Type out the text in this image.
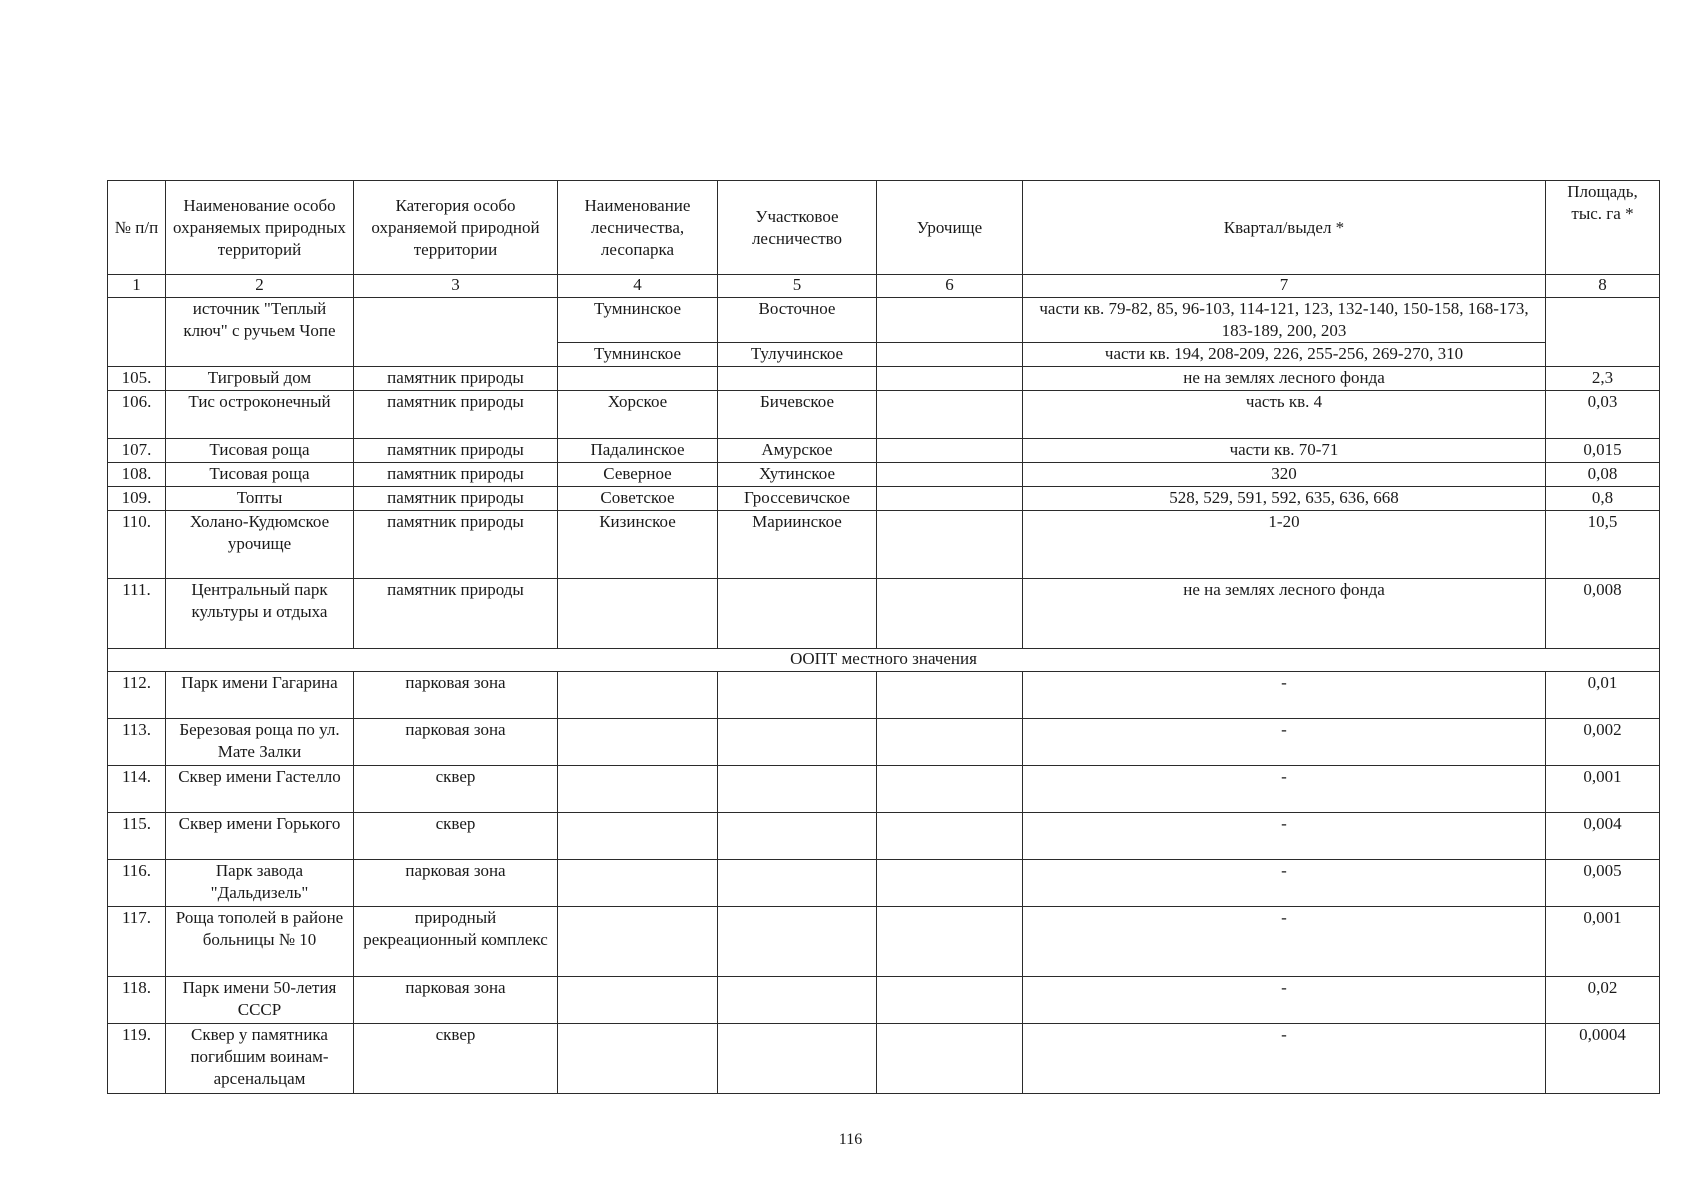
№ п/п	Наименование особо охраняемых природных территорий	Категория особо охраняемой природной территории	Наименование лесничества, лесопарка	Участковое лесничество	Урочище	Квартал/выдел *	Площадь, тыс. га *
1	2	3	4	5	6	7	8
	источник "Теплый ключ" с ручьем Чопе		Тумнинское	Восточное		части кв. 79-82, 85, 96-103, 114-121, 123, 132-140, 150-158, 168-173, 183-189, 200, 203	
			Тумнинское	Тулучинское		части кв. 194, 208-209, 226, 255-256, 269-270, 310	
105.	Тигровый дом	памятник природы				не на землях лесного фонда	2,3
106.	Тис остроконечный	памятник природы	Хорское	Бичевское		часть кв. 4	0,03
107.	Тисовая роща	памятник природы	Падалинское	Амурское		части кв. 70-71	0,015
108.	Тисовая роща	памятник природы	Северное	Хутинское		320	0,08
109.	Топты	памятник природы	Советское	Гроссевичское		528, 529, 591, 592, 635, 636, 668	0,8
110.	Холано-Кудюмское урочище	памятник природы	Кизинское	Мариинское		1-20	10,5
111.	Центральный парк культуры и отдыха	памятник природы				не на землях лесного фонда	0,008
ООПТ местного значения							
112.	Парк имени Гагарина	парковая зона				-	0,01
113.	Березовая роща по ул. Мате Залки	парковая зона				-	0,002
114.	Сквер имени Гастелло	сквер				-	0,001
115.	Сквер имени Горького	сквер				-	0,004
116.	Парк завода "Дальдизель"	парковая зона				-	0,005
117.	Роща тополей в районе больницы № 10	природный рекреационный комплекс				-	0,001
118.	Парк имени 50-летия СССР	парковая зона				-	0,02
119.	Сквер у памятника погибшим воинам-арсенальцам	сквер				-	0,0004
116
